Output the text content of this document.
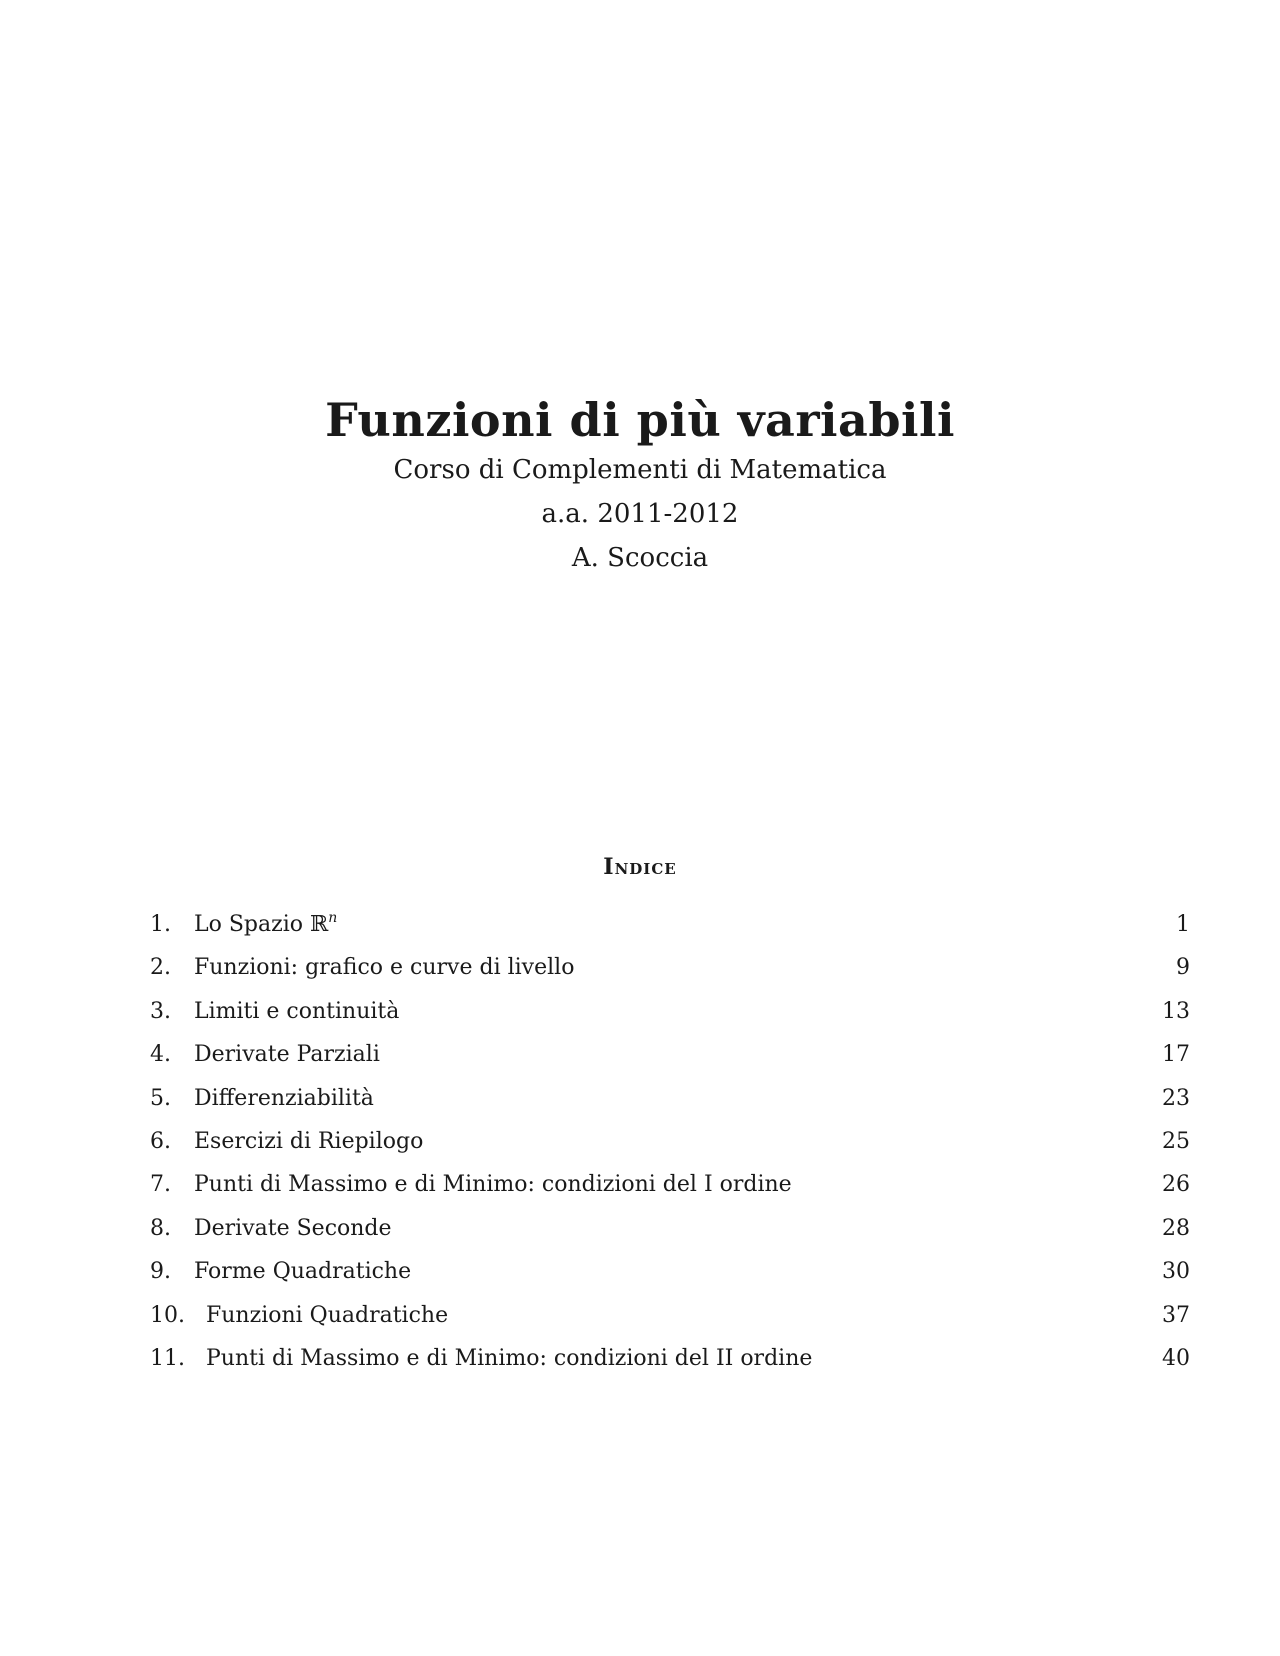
Funzioni di più variabili

Corso di Complementi di Matematica

a.a. 2011-2012

A. Scoccia

Indice
1.	Lo Spazio ℝ$^n$	1
2.	Funzioni: grafico e curve di livello	9
3.	Limiti e continuità	13
4.	Derivate Parziali	17
5.	Differenziabilità	23
6.	Esercizi di Riepilogo	25
7.	Punti di Massimo e di Minimo: condizioni del I ordine	26
8.	Derivate Seconde	28
9.	Forme Quadratiche	30
10. Funzioni Quadratiche	37
11. Punti di Massimo e di Minimo: condizioni del II ordine	40
